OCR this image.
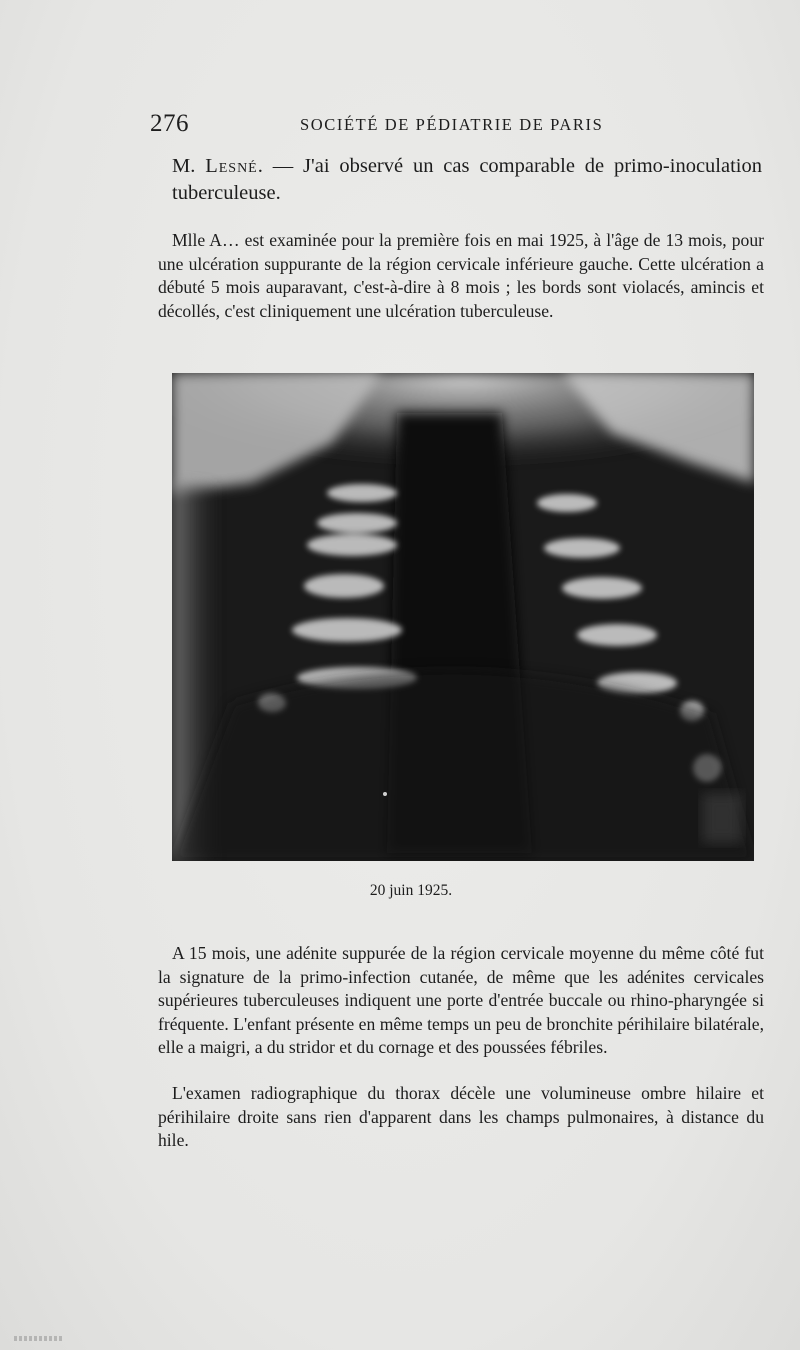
276	SOCIÉTÉ DE PÉDIATRIE DE PARIS

M. Lesné. — J'ai observé un cas comparable de primo-inoculation tuberculeuse.

Mlle A… est examinée pour la première fois en mai 1925, à l'âge de 13 mois, pour une ulcération suppurante de la région cervicale inférieure gauche. Cette ulcération a débuté 5 mois auparavant, c'est-à-dire à 8 mois ; les bords sont violacés, amincis et décollés, c'est cliniquement une ulcération tuberculeuse.

20 juin 1925.

A 15 mois, une adénite suppurée de la région cervicale moyenne du même côté fut la signature de la primo-infection cutanée, de même que les adénites cervicales supérieures tuberculeuses indiquent une porte d'entrée buccale ou rhino-pharyngée si fréquente. L'enfant présente en même temps un peu de bronchite périhilaire bilatérale, elle a maigri, a du stridor et du cornage et des poussées fébriles.

L'examen radiographique du thorax décèle une volumineuse ombre hilaire et périhilaire droite sans rien d'apparent dans les champs pulmonaires, à distance du hile.
